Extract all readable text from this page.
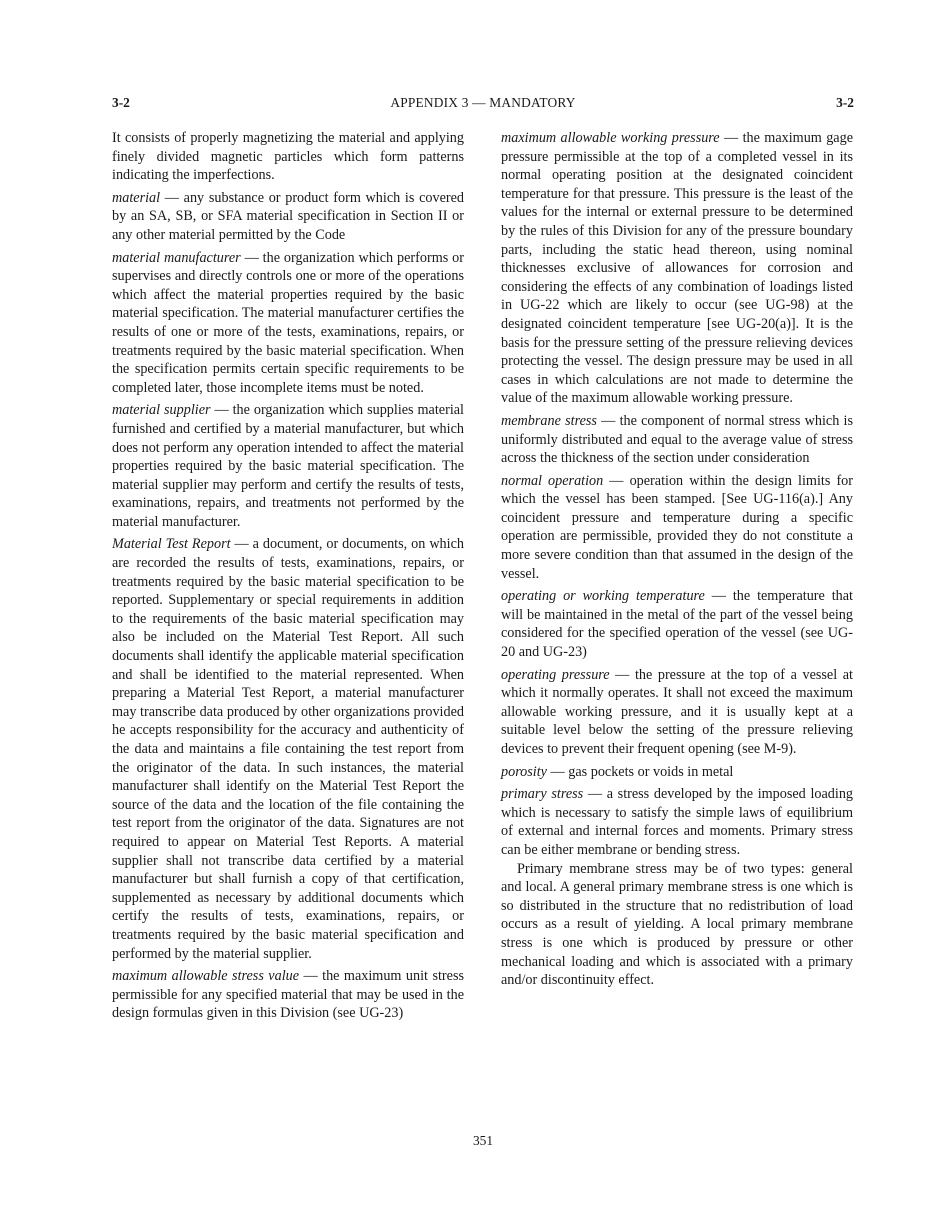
3-2	APPENDIX 3 — MANDATORY	3-2

It consists of properly magnetizing the material and applying finely divided magnetic particles which form patterns indicating the imperfections.

material — any substance or product form which is covered by an SA, SB, or SFA material specification in Section II or any other material permitted by the Code

material manufacturer — the organization which performs or supervises and directly controls one or more of the operations which affect the material properties required by the basic material specification. The material manufacturer certifies the results of one or more of the tests, examinations, repairs, or treatments required by the basic material specification. When the specification permits certain specific requirements to be completed later, those incomplete items must be noted.

material supplier — the organization which supplies material furnished and certified by a material manufacturer, but which does not perform any operation intended to affect the material properties required by the basic material specification. The material supplier may perform and certify the results of tests, examinations, repairs, and treatments not performed by the material manufacturer.

Material Test Report — a document, or documents, on which are recorded the results of tests, examinations, repairs, or treatments required by the basic material specification to be reported. Supplementary or special requirements in addition to the requirements of the basic material specification may also be included on the Material Test Report. All such documents shall identify the applicable material specification and shall be identified to the material represented. When preparing a Material Test Report, a material manufacturer may transcribe data produced by other organizations provided he accepts responsibility for the accuracy and authenticity of the data and maintains a file containing the test report from the originator of the data. In such instances, the material manufacturer shall identify on the Material Test Report the source of the data and the location of the file containing the test report from the originator of the data. Signatures are not required to appear on Material Test Reports. A material supplier shall not transcribe data certified by a material manufacturer but shall furnish a copy of that certification, supplemented as necessary by additional documents which certify the results of tests, examinations, repairs, or treatments required by the basic material specification and performed by the material supplier.

maximum allowable stress value — the maximum unit stress permissible for any specified material that may be used in the design formulas given in this Division (see UG-23)

maximum allowable working pressure — the maximum gage pressure permissible at the top of a completed vessel in its normal operating position at the designated coincident temperature for that pressure. This pressure is the least of the values for the internal or external pressure to be determined by the rules of this Division for any of the pressure boundary parts, including the static head thereon, using nominal thicknesses exclusive of allowances for corrosion and considering the effects of any combination of loadings listed in UG-22 which are likely to occur (see UG-98) at the designated coincident temperature [see UG-20(a)]. It is the basis for the pressure setting of the pressure relieving devices protecting the vessel. The design pressure may be used in all cases in which calculations are not made to determine the value of the maximum allowable working pressure.

membrane stress — the component of normal stress which is uniformly distributed and equal to the average value of stress across the thickness of the section under consideration

normal operation — operation within the design limits for which the vessel has been stamped. [See UG-116(a).] Any coincident pressure and temperature during a specific operation are permissible, provided they do not constitute a more severe condition than that assumed in the design of the vessel.

operating or working temperature — the temperature that will be maintained in the metal of the part of the vessel being considered for the specified operation of the vessel (see UG-20 and UG-23)

operating pressure — the pressure at the top of a vessel at which it normally operates. It shall not exceed the maximum allowable working pressure, and it is usually kept at a suitable level below the setting of the pressure relieving devices to prevent their frequent opening (see M-9).

porosity — gas pockets or voids in metal

primary stress — a stress developed by the imposed loading which is necessary to satisfy the simple laws of equilibrium of external and internal forces and moments. Primary stress can be either membrane or bending stress.

Primary membrane stress may be of two types: general and local. A general primary membrane stress is one which is so distributed in the structure that no redistribution of load occurs as a result of yielding. A local primary membrane stress is one which is produced by pressure or other mechanical loading and which is associated with a primary and/or discontinuity effect.

351
